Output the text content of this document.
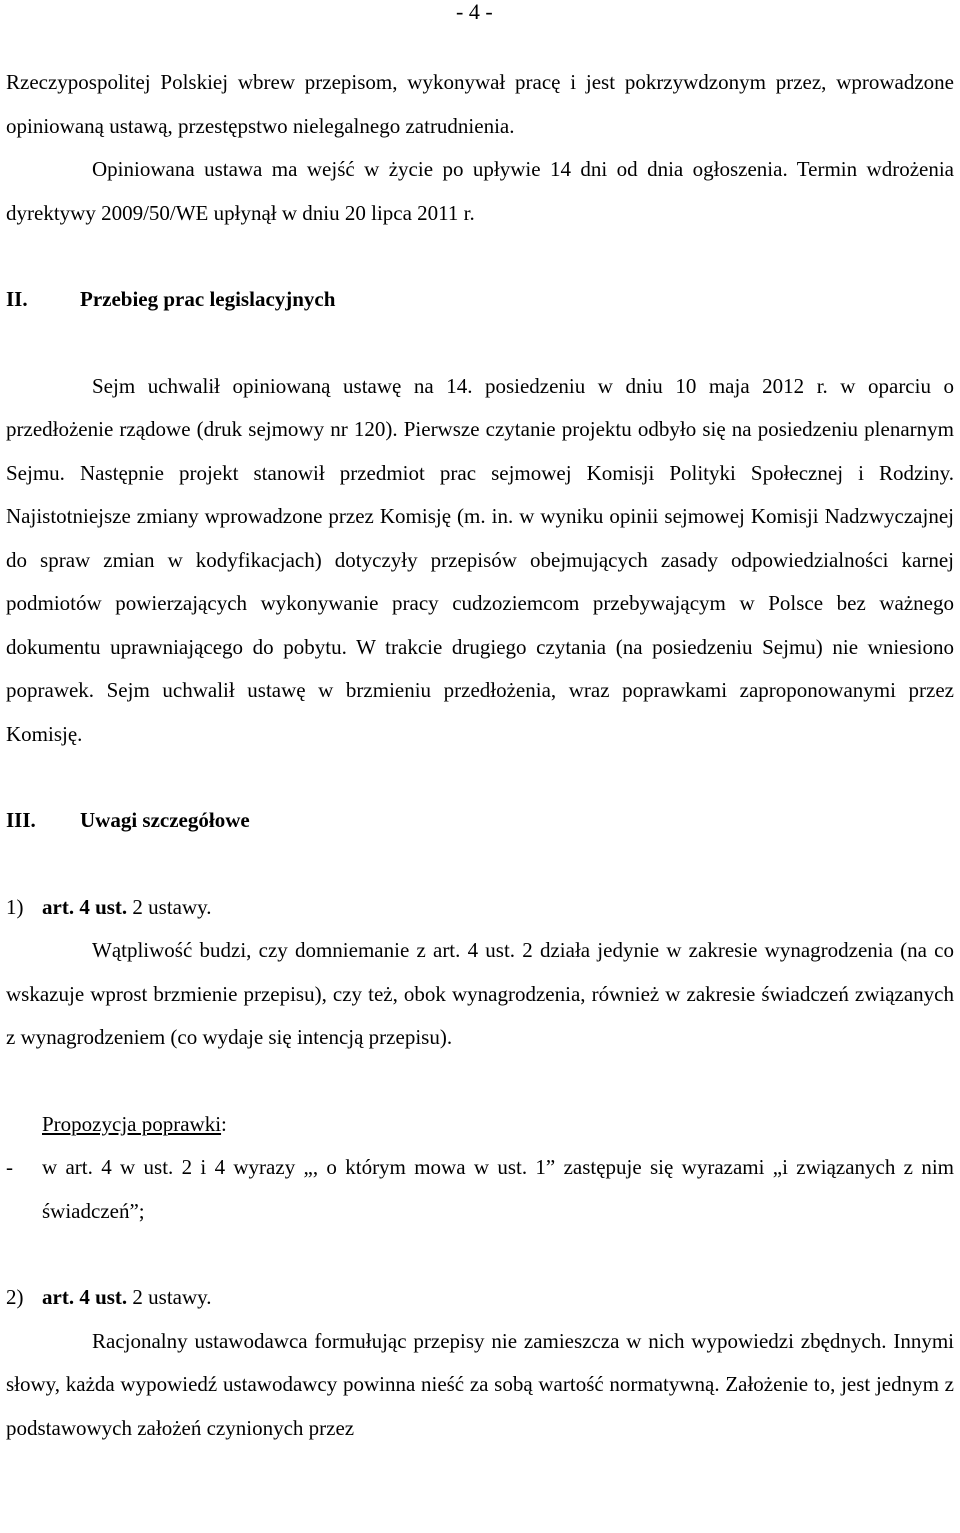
- 4 -

Rzeczypospolitej Polskiej wbrew przepisom, wykonywał pracę i jest pokrzywdzonym przez, wprowadzone opiniowaną ustawą, przestępstwo nielegalnego zatrudnienia.

Opiniowana ustawa ma wejść w życie po upływie 14 dni od dnia ogłoszenia. Termin wdrożenia dyrektywy 2009/50/WE upłynął w dniu 20 lipca 2011 r.

II.	Przebieg prac legislacyjnych

Sejm uchwalił opiniowaną ustawę na 14. posiedzeniu w dniu 10 maja 2012 r. w oparciu o przedłożenie rządowe (druk sejmowy nr 120). Pierwsze czytanie projektu odbyło się na posiedzeniu plenarnym Sejmu. Następnie projekt stanowił przedmiot prac sejmowej Komisji Polityki Społecznej i Rodziny. Najistotniejsze zmiany wprowadzone przez Komisję (m. in. w wyniku opinii sejmowej Komisji Nadzwyczajnej do spraw zmian w kodyfikacjach) dotyczyły przepisów obejmujących zasady odpowiedzialności karnej podmiotów powierzających wykonywanie pracy cudzoziemcom przebywającym w Polsce bez ważnego dokumentu uprawniającego do pobytu. W trakcie drugiego czytania (na posiedzeniu Sejmu) nie wniesiono poprawek. Sejm uchwalił ustawę w brzmieniu przedłożenia, wraz poprawkami zaproponowanymi przez Komisję.

III.	Uwagi szczegółowe
1) art. 4 ust. 2 ustawy.

Wątpliwość budzi, czy domniemanie z art. 4 ust. 2 działa jedynie w zakresie wynagrodzenia (na co wskazuje wprost brzmienie przepisu), czy też, obok wynagrodzenia, również w zakresie świadczeń związanych z wynagrodzeniem (co wydaje się intencją przepisu).

Propozycja poprawki:
-	w art. 4 w ust. 2 i 4 wyrazy „, o którym mowa w ust. 1” zastępuje się wyrazami „i związanych z nim świadczeń”;
2) art. 4 ust. 2 ustawy.

Racjonalny ustawodawca formułując przepisy nie zamieszcza w nich wypowiedzi zbędnych. Innymi słowy, każda wypowiedź ustawodawcy powinna nieść za sobą wartość normatywną. Założenie to, jest jednym z podstawowych założeń czynionych przez
